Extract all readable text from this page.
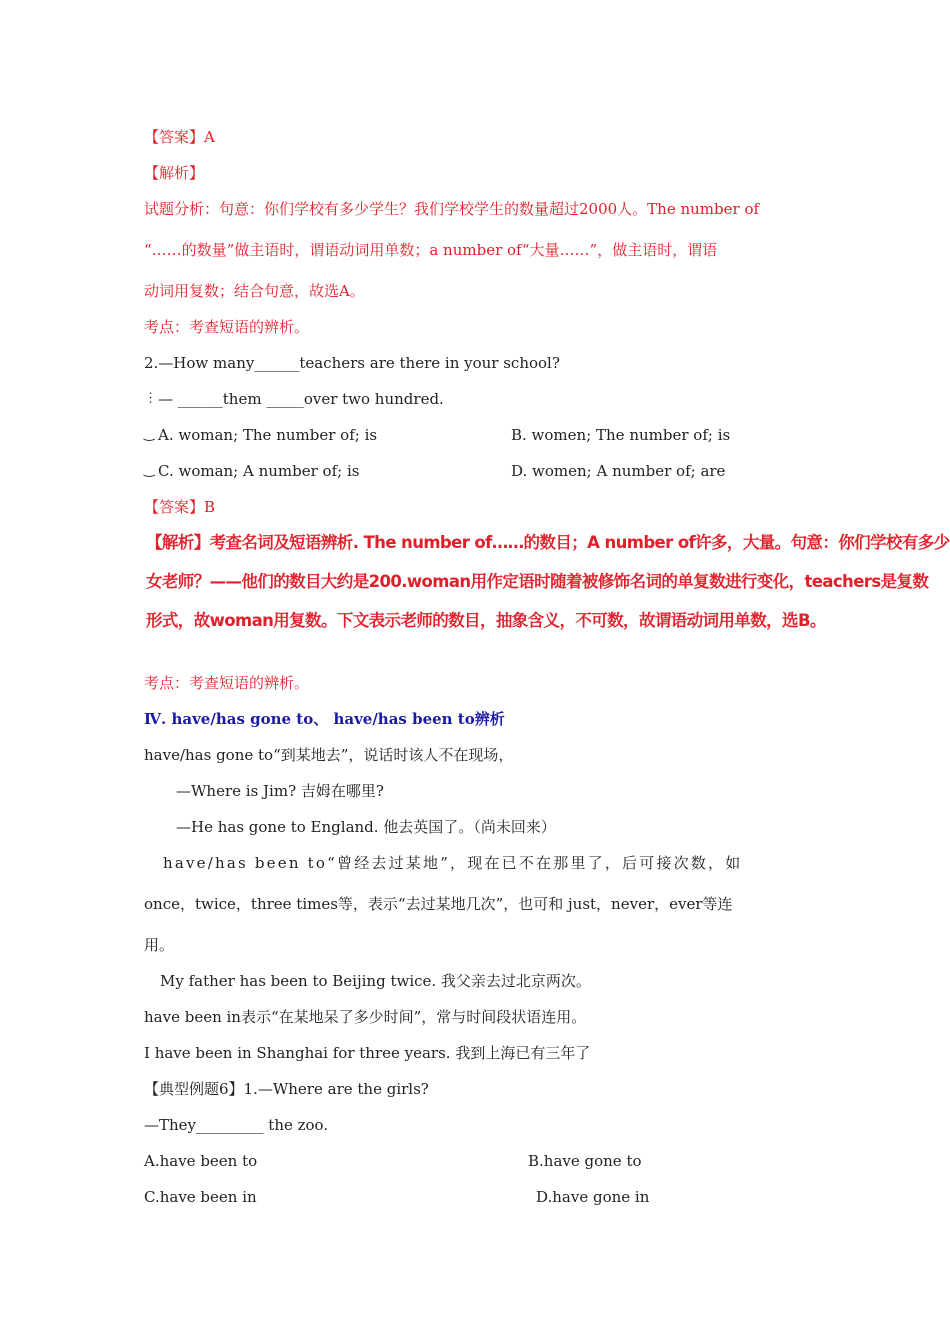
【答案】A
【解析】
试题分析：句意：你们学校有多少学生？我们学校学生的数量超过2000人。The number of
“……的数量”做主语时，谓语动词用单数；a number of“大量……”，做主语时，谓语
动词用复数；结合句意，故选A。
考点：考查短语的辨析。
2.—How many______teachers are there in your school?
⋮ — ______them _____over two hundred.
‿ A. woman; The number of; is	B. women; The number of; is
‿ C. woman; A number of; is	D. women; A number of; are
【答案】B
【解析】考查名词及短语辨析. The number of……的数目；A number of许多，大量。句意：你们学校有多少
女老师？——他们的数目大约是200.woman用作定语时随着被修饰名词的单复数进行变化，teachers是复数
形式，故woman用复数。下文表示老师的数目，抽象含义，不可数，故谓语动词用单数，选B。
考点：考查短语的辨析。
Ⅳ. have/has gone to、 have/has been to辨析
have/has gone to“到某地去”，说话时该人不在现场，
—Where is Jim? 吉姆在哪里?
—He has gone to England. 他去英国了。（尚未回来）
have/has been to“曾经去过某地”，现在已不在那里了，后可接次数，如
once，twice，three times等，表示“去过某地几次”，也可和 just，never，ever等连
用。
My father has been to Beijing twice. 我父亲去过北京两次。
have been in表示“在某地呆了多少时间”，常与时间段状语连用。
I have been in Shanghai for three years. 我到上海已有三年了
【典型例题6】1.—Where are the girls?
—They_________ the zoo.
A.have been to	B.have gone to
C.have been in	D.have gone in
